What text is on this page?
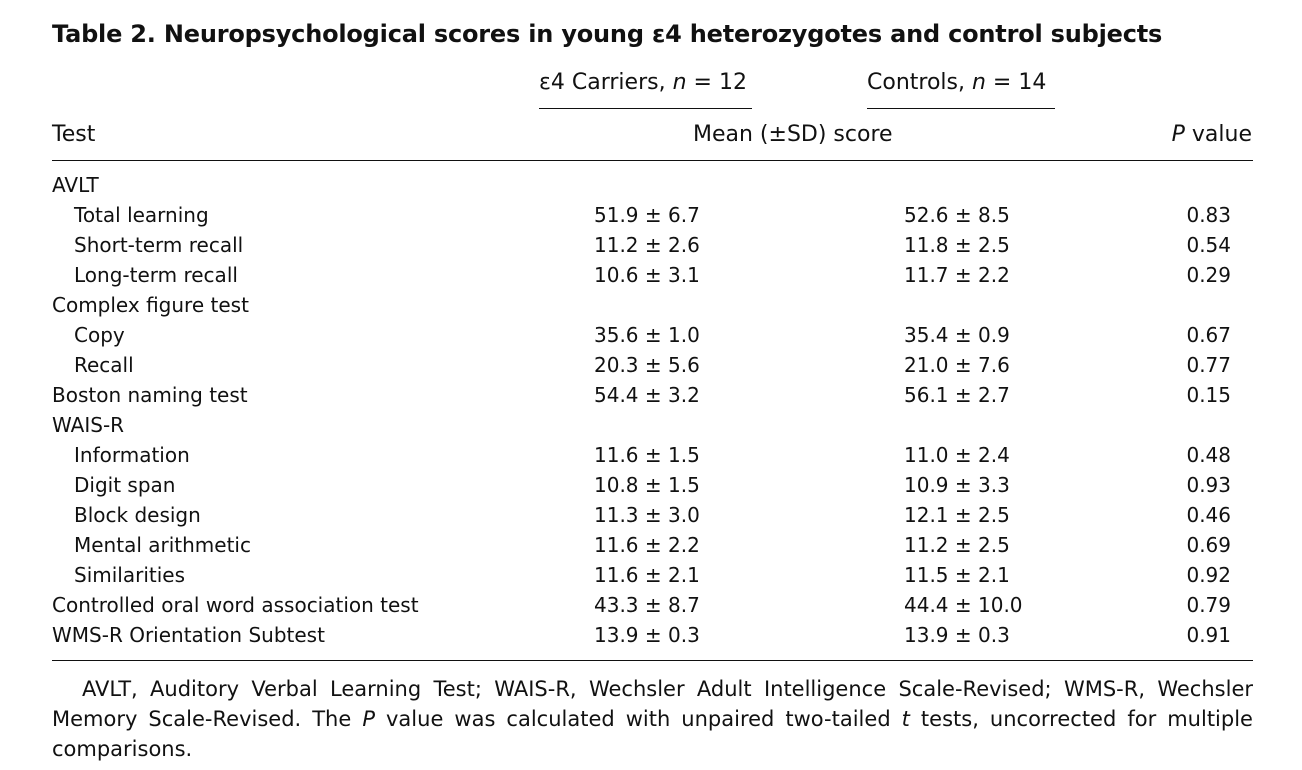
Table 2. Neuropsychological scores in young ε4 heterozygotes and control subjects
ε4 Carriers, n = 12	Controls, n = 14
Test	Mean (±SD) score	P value
AVLT
Total learning	51.9 ± 6.7	52.6 ± 8.5	0.83
Short-term recall	11.2 ± 2.6	11.8 ± 2.5	0.54
Long-term recall	10.6 ± 3.1	11.7 ± 2.2	0.29
Complex figure test
Copy	35.6 ± 1.0	35.4 ± 0.9	0.67
Recall	20.3 ± 5.6	21.0 ± 7.6	0.77
Boston naming test	54.4 ± 3.2	56.1 ± 2.7	0.15
WAIS-R
Information	11.6 ± 1.5	11.0 ± 2.4	0.48
Digit span	10.8 ± 1.5	10.9 ± 3.3	0.93
Block design	11.3 ± 3.0	12.1 ± 2.5	0.46
Mental arithmetic	11.6 ± 2.2	11.2 ± 2.5	0.69
Similarities	11.6 ± 2.1	11.5 ± 2.1	0.92
Controlled oral word association test	43.3 ± 8.7	44.4 ± 10.0	0.79
WMS-R Orientation Subtest	13.9 ± 0.3	13.9 ± 0.3	0.91
AVLT, Auditory Verbal Learning Test; WAIS-R, Wechsler Adult Intelligence Scale-Revised; WMS-R, Wechsler Memory Scale-Revised. The P value was calculated with unpaired two-tailed t tests, uncorrected for multiple comparisons.
